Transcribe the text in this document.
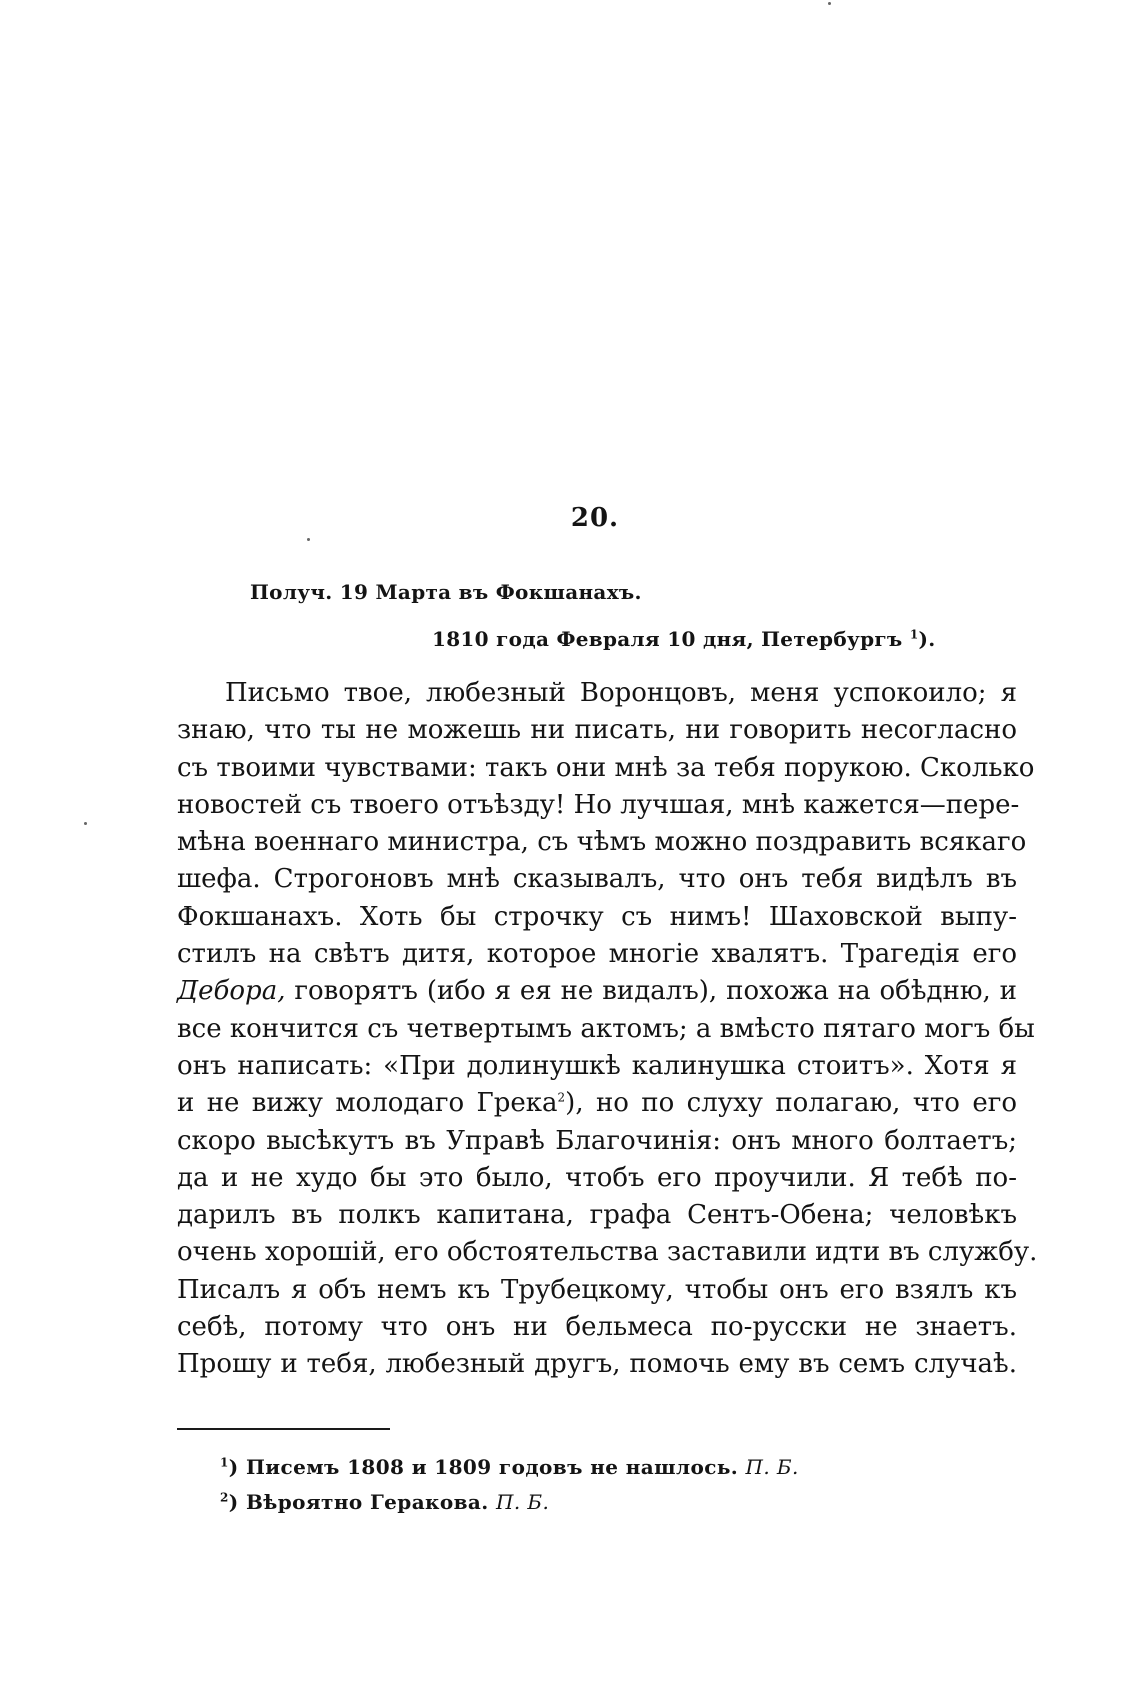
20.
Получ. 19 Марта въ Фокшанахъ.
1810 года Февраля 10 дня, Петербургъ $^1$).
Письмо твое, любезный Воронцовъ, меня успокоило; я
знаю, что ты не можешь ни писать, ни говорить несогласно
съ твоими чувствами: такъ они мнѣ за тебя порукою. Сколько
новостей съ твоего отъѣзду! Но лучшая, мнѣ кажется—пере-
мѣна военнаго министра, съ чѣмъ можно поздравить всякаго
шефа. Строгоновъ мнѣ сказывалъ, что онъ тебя видѣлъ въ
Фокшанахъ. Хоть бы строчку съ нимъ! Шаховской выпу-
стилъ на свѣтъ дитя, которое многіе хвалятъ. Трагедія его
Дебора, говорятъ (ибо я ея не видалъ), похожа на обѣдню, и
все кончится съ четвертымъ актомъ; а вмѣсто пятаго могъ бы
онъ написать: «При долинушкѣ калинушка стоитъ». Хотя я
и не вижу молодаго Грека$^2$), но по слуху полагаю, что его
скоро высѣкутъ въ Управѣ Благочинія: онъ много болтаетъ;
да и не худо бы это было, чтобъ его проучили. Я тебѣ по-
дарилъ въ полкъ капитана, графа Сентъ-Обена; человѣкъ
очень хорошій, его обстоятельства заставили идти въ службу.
Писалъ я объ немъ къ Трубецкому, чтобы онъ его взялъ къ
себѣ, потому что онъ ни бельмеса по-русски не знаетъ.
Прошу и тебя, любезный другъ, помочь ему въ семъ случаѣ.
$^1$) Писемъ 1808 и 1809 годовъ не нашлось. П. Б.
$^2$) Вѣроятно Геракова. П. Б.
